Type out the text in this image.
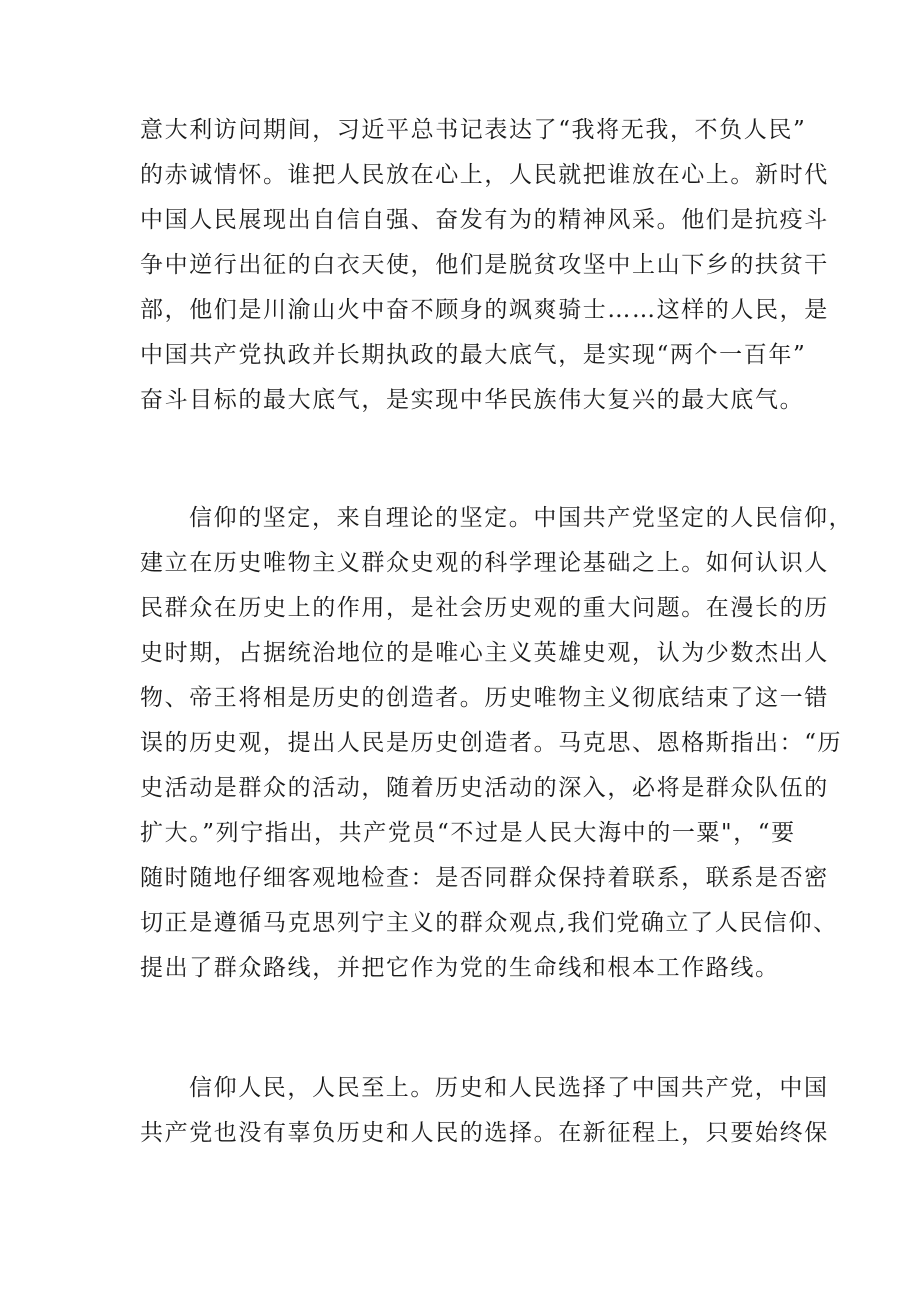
意大利访问期间，习近平总书记表达了“我将无我，不负人民”
的赤诚情怀。谁把人民放在心上，人民就把谁放在心上。新时代
中国人民展现出自信自强、奋发有为的精神风采。他们是抗疫斗
争中逆行出征的白衣天使，他们是脱贫攻坚中上山下乡的扶贫干
部，他们是川渝山火中奋不顾身的飒爽骑士……这样的人民，是
中国共产党执政并长期执政的最大底气，是实现“两个一百年”
奋斗目标的最大底气，是实现中华民族伟大复兴的最大底气。
信仰的坚定，来自理论的坚定。中国共产党坚定的人民信仰，
建立在历史唯物主义群众史观的科学理论基础之上。如何认识人
民群众在历史上的作用，是社会历史观的重大问题。在漫长的历
史时期，占据统治地位的是唯心主义英雄史观，认为少数杰出人
物、帝王将相是历史的创造者。历史唯物主义彻底结束了这一错
误的历史观，提出人民是历史创造者。马克思、恩格斯指出：“历
史活动是群众的活动，随着历史活动的深入，必将是群众队伍的
扩大。”列宁指出，共产党员“不过是人民大海中的一粟"，“要
随时随地仔细客观地检查：是否同群众保持着联系，联系是否密
切正是遵循马克思列宁主义的群众观点,我们党确立了人民信仰、
提出了群众路线，并把它作为党的生命线和根本工作路线。
信仰人民，人民至上。历史和人民选择了中国共产党，中国
共产党也没有辜负历史和人民的选择。在新征程上，只要始终保
